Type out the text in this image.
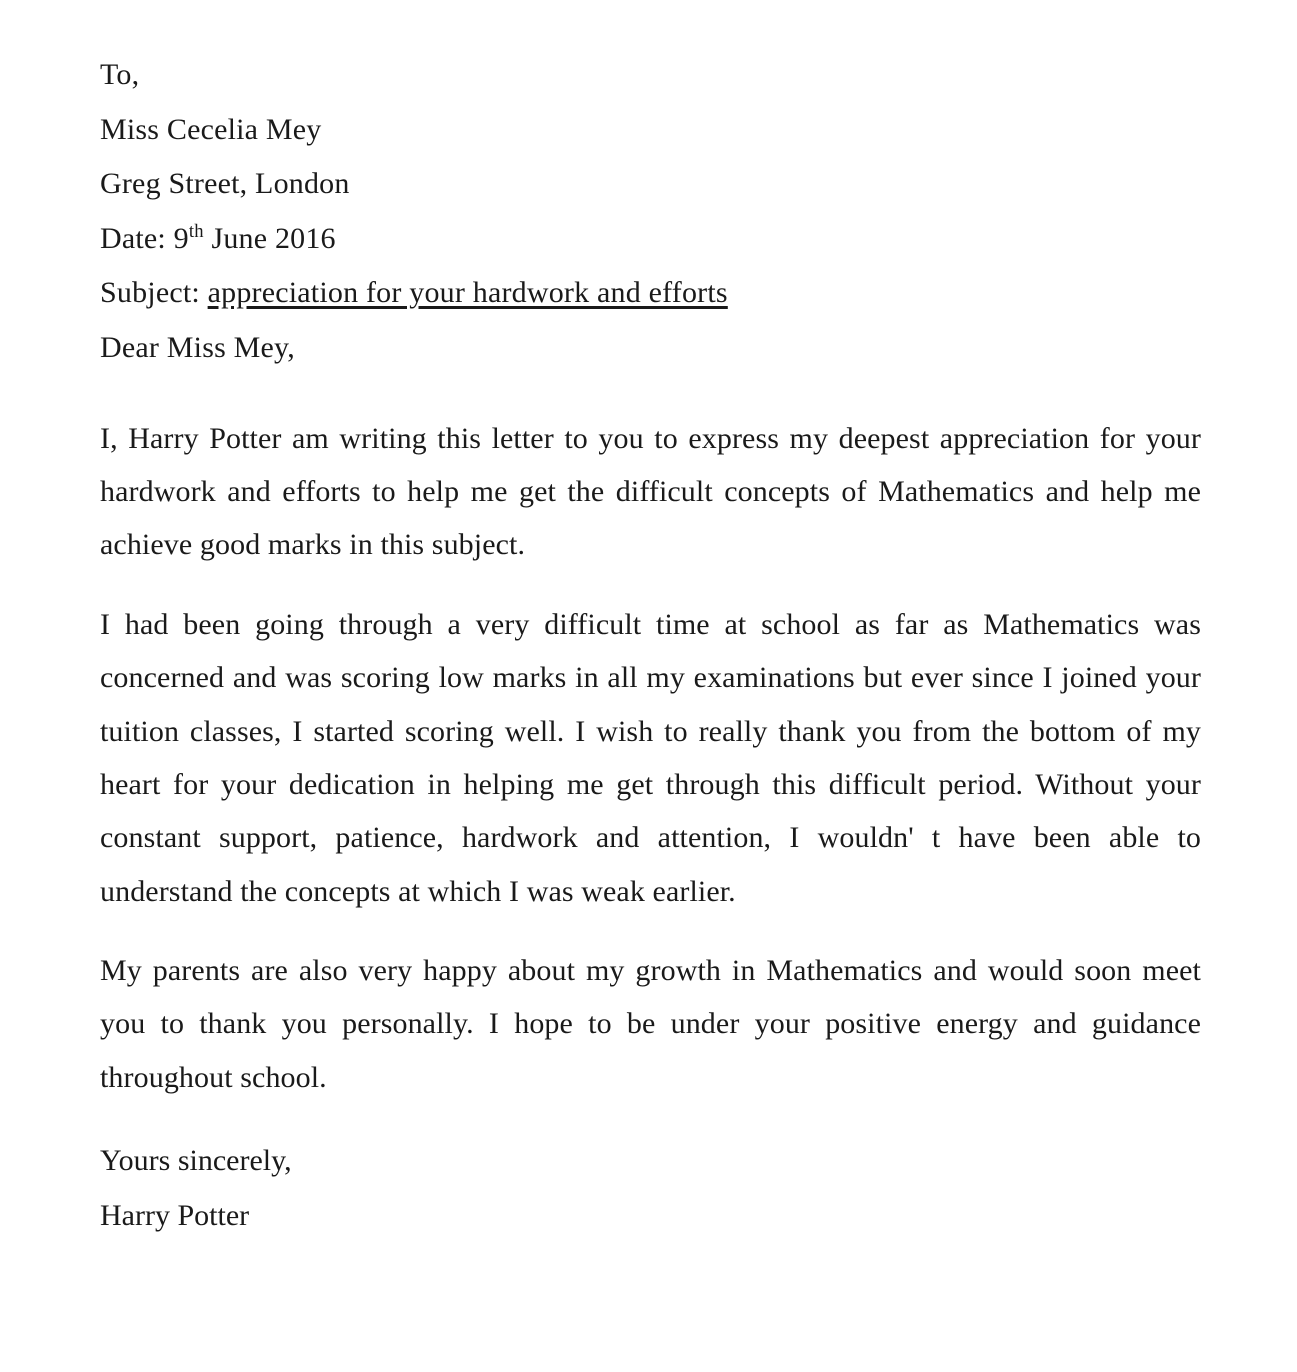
To,
Miss Cecelia Mey
Greg Street, London
Date: 9th June 2016
Subject: appreciation for your hardwork and efforts
Dear Miss Mey,

I, Harry Potter am writing this letter to you to express my deepest appreciation for your hardwork and efforts to help me get the difficult concepts of Mathematics and help me achieve good marks in this subject.

I had been going through a very difficult time at school as far as Mathematics was concerned and was scoring low marks in all my examinations but ever since I joined your tuition classes, I started scoring well. I wish to really thank you from the bottom of my heart for your dedication in helping me get through this difficult period. Without your constant support, patience, hardwork and attention, I wouldn' t have been able to understand the concepts at which I was weak earlier.

My parents are also very happy about my growth in Mathematics and would soon meet you to thank you personally. I hope to be under your positive energy and guidance throughout school.

Yours sincerely,
Harry Potter
